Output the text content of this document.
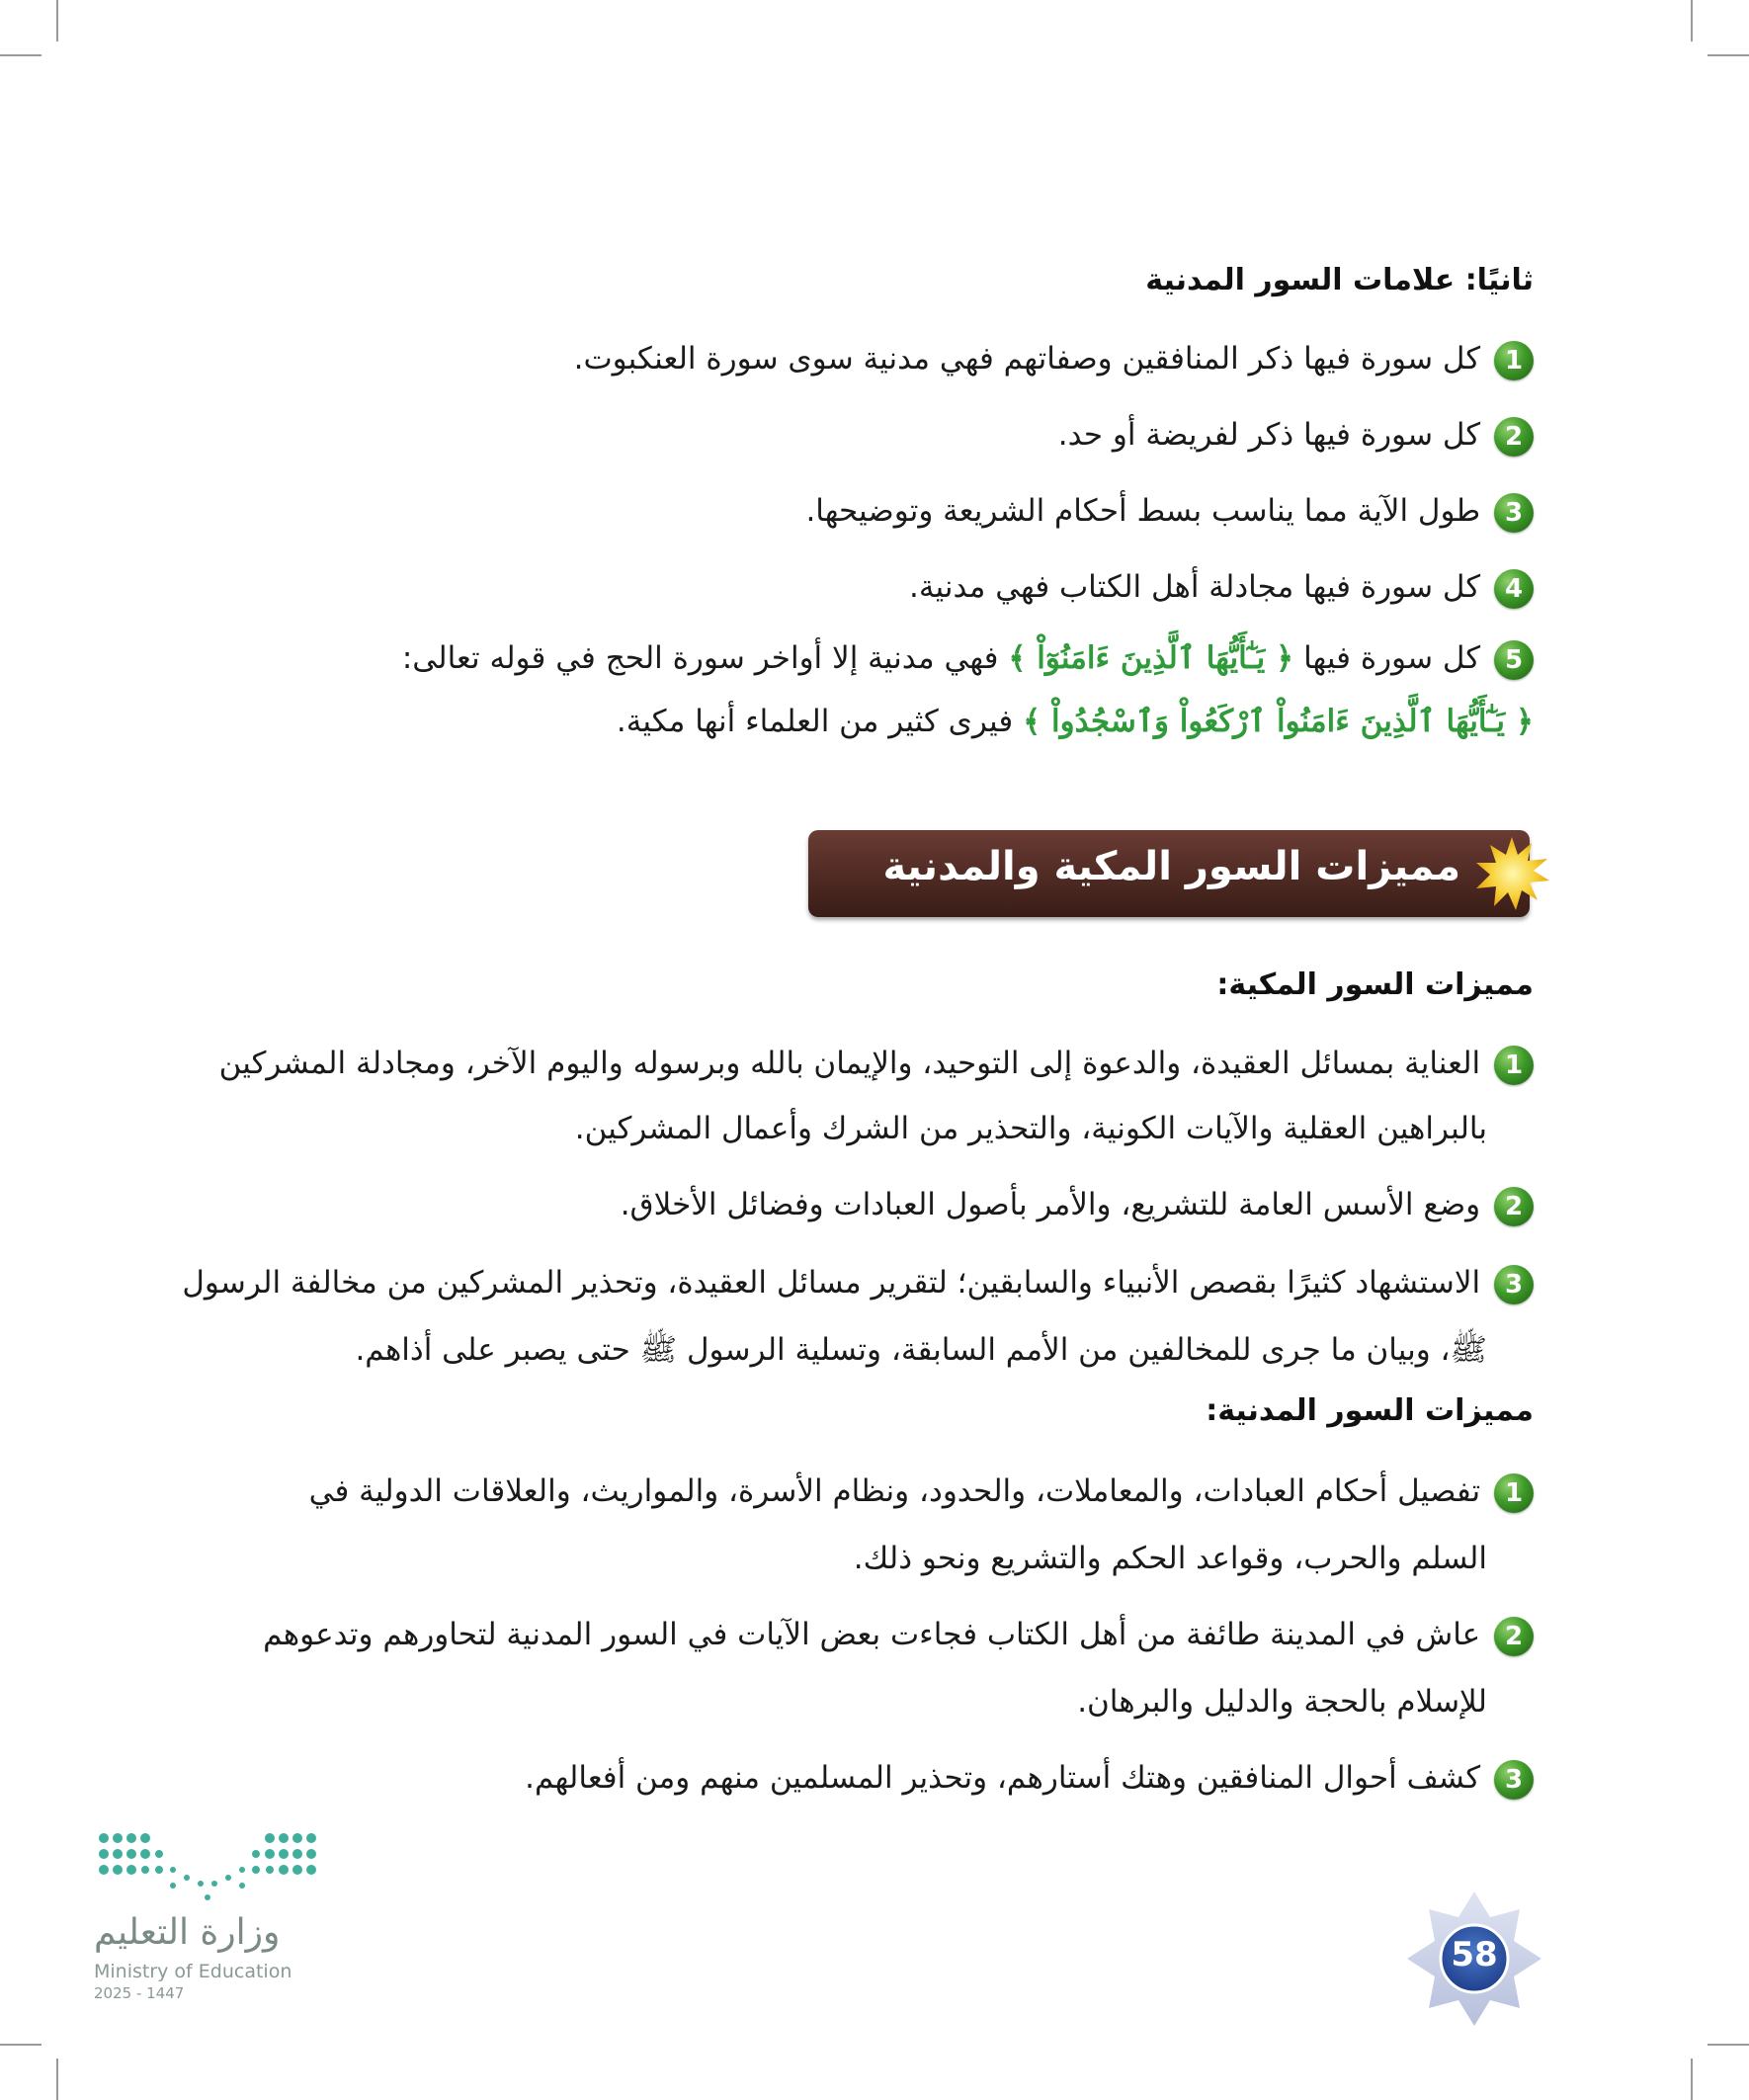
ثانيًا: علامات السور المدنية
1 كل سورة فيها ذكر المنافقين وصفاتهم فهي مدنية سوى سورة العنكبوت.
2 كل سورة فيها ذكر لفريضة أو حد.
3 طول الآية مما يناسب بسط أحكام الشريعة وتوضيحها.
4 كل سورة فيها مجادلة أهل الكتاب فهي مدنية.
5 كل سورة فيها ﴿ يَـٰٓأَيُّهَا ٱلَّذِينَ ءَامَنُوٓاْ ﴾ فهي مدنية إلا أواخر سورة الحج في قوله تعالى:
﴿ يَـٰٓأَيُّهَا ٱلَّذِينَ ءَامَنُواْ ٱرْكَعُواْ وَٱسْجُدُواْ ﴾ فيرى كثير من العلماء أنها مكية.
مميزات السور المكية والمدنية
مميزات السور المكية:
1 العناية بمسائل العقيدة، والدعوة إلى التوحيد، والإيمان بالله وبرسوله واليوم الآخر، ومجادلة المشركين
بالبراهين العقلية والآيات الكونية، والتحذير من الشرك وأعمال المشركين.
2 وضع الأسس العامة للتشريع، والأمر بأصول العبادات وفضائل الأخلاق.
3 الاستشهاد كثيرًا بقصص الأنبياء والسابقين؛ لتقرير مسائل العقيدة، وتحذير المشركين من مخالفة الرسول
ﷺ، وبيان ما جرى للمخالفين من الأمم السابقة، وتسلية الرسول ﷺ حتى يصبر على أذاهم.
مميزات السور المدنية:
1 تفصيل أحكام العبادات، والمعاملات، والحدود، ونظام الأسرة، والمواريث، والعلاقات الدولية في
السلم والحرب، وقواعد الحكم والتشريع ونحو ذلك.
2 عاش في المدينة طائفة من أهل الكتاب فجاءت بعض الآيات في السور المدنية لتحاورهم وتدعوهم
للإسلام بالحجة والدليل والبرهان.
3 كشف أحوال المنافقين وهتك أستارهم، وتحذير المسلمين منهم ومن أفعالهم.
وزارة التعليم
Ministry of Education
2025 - 1447
58
